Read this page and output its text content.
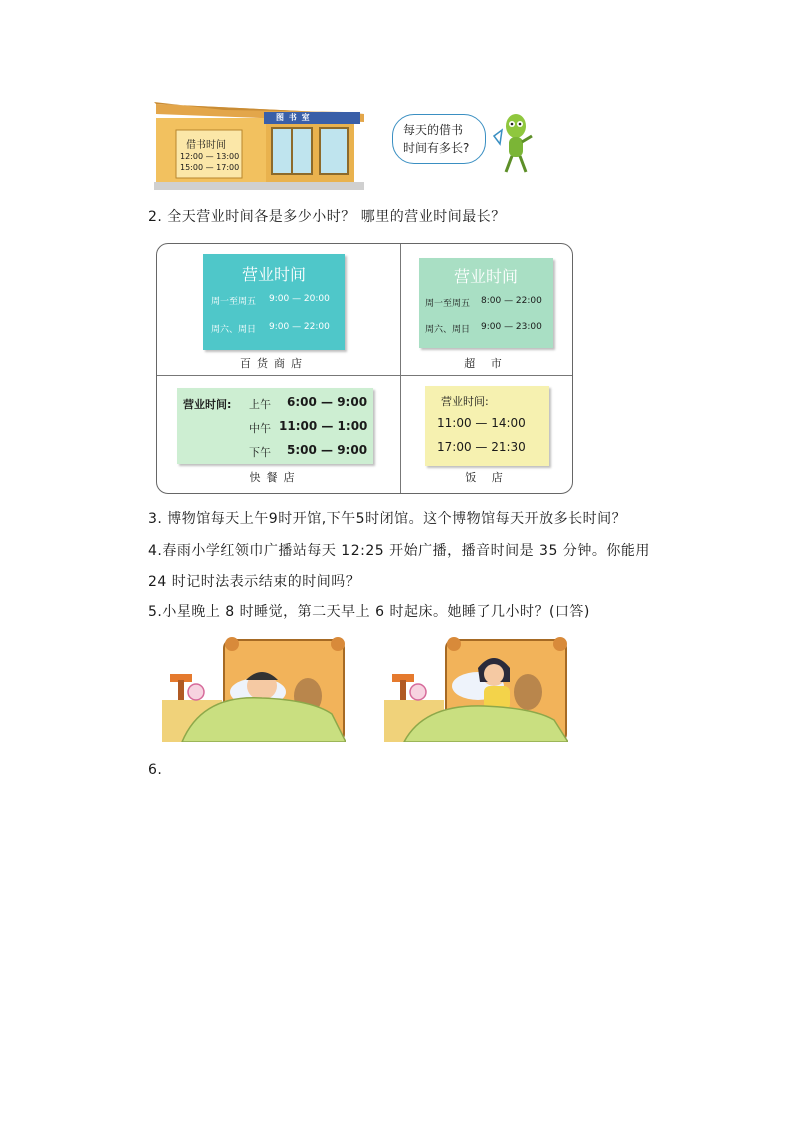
图 书 室
借书时间
12:00 — 13:00
15:00 — 17:00
每天的借书
时间有多长?
2. 全天营业时间各是多少小时？ 哪里的营业时间最长？
营业时间
周一至周五 9:00 — 20:00
周六、周日 9:00 — 22:00
百货商店
营业时间
周一至周五 8:00 — 22:00
周六、周日 9:00 — 23:00
超 市
营业时间: 上午 6:00 — 9:00
中午 11:00 — 1:00
下午 5:00 — 9:00
快餐店
营业时间:
11:00 — 14:00
17:00 — 21:30
饭 店
3. 博物馆每天上午9时开馆,下午5时闭馆。这个博物馆每天开放多长时间？
4.春雨小学红领巾广播站每天 12:25 开始广播，播音时间是 35 分钟。你能用
24 时记时法表示结束的时间吗？
5.小星晚上 8 时睡觉，第二天早上 6 时起床。她睡了几小时？(口答)
6.
